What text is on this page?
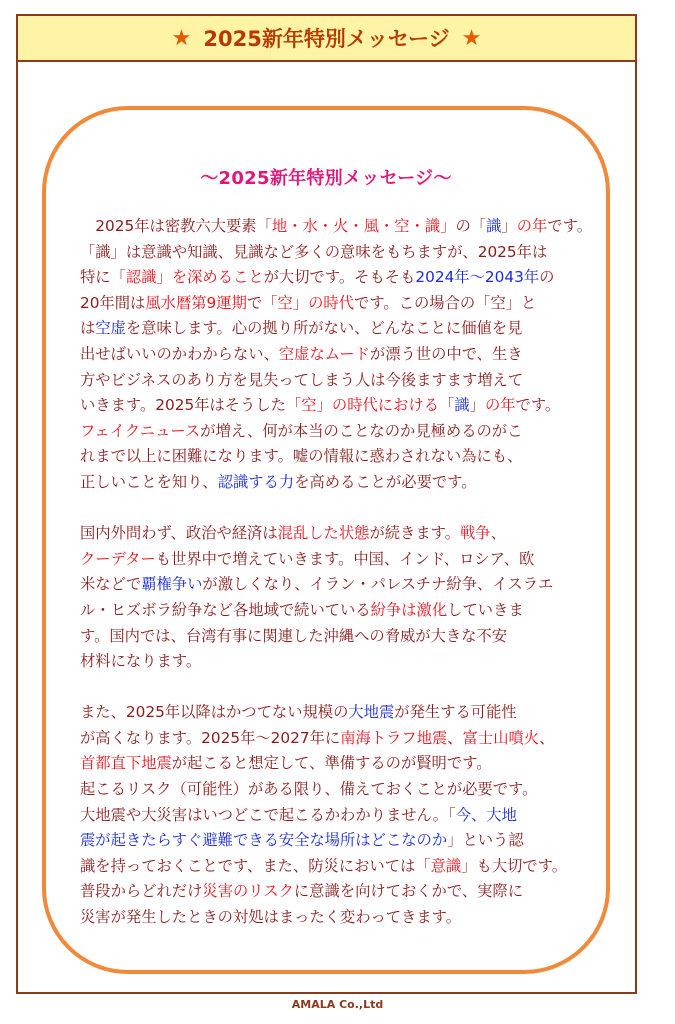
★ 2025新年特別メッセージ ★
～2025新年特別メッセージ～

　2025年は密教六大要素「地・水・火・風・空・識」の「識」の年です。
「識」は意識や知識、見識など多くの意味をもちますが、2025年は
特に「認識」を深めることが大切です。そもそも2024年～2043年の
20年間は風水暦第9運期で「空」の時代です。この場合の「空」と
は空虚を意味します。心の拠り所がない、どんなことに価値を見
出せばいいのかわからない、空虚なムードが漂う世の中で、生き
方やビジネスのあり方を見失ってしまう人は今後ますます増えて
いきます。2025年はそうした「空」の時代における「識」の年です。
フェイクニュースが増え、何が本当のことなのか見極めるのがこ
れまで以上に困難になります。嘘の情報に惑わされない為にも、
正しいことを知り、認識する力を高めることが必要です。

国内外問わず、政治や経済は混乱した状態が続きます。戦争、
クーデターも世界中で増えていきます。中国、インド、ロシア、欧
米などで覇権争いが激しくなり、イラン・パレスチナ紛争、イスラエ
ル・ヒズボラ紛争など各地域で続いている紛争は激化していきま
す。国内では、台湾有事に関連した沖縄への脅威が大きな不安
材料になります。

また、2025年以降はかつてない規模の大地震が発生する可能性
が高くなります。2025年～2027年に南海トラフ地震、富士山噴火、
首都直下地震が起こると想定して、準備するのが賢明です。
起こるリスク（可能性）がある限り、備えておくことが必要です。
大地震や大災害はいつどこで起こるかわかりません。「今、大地
震が起きたらすぐ避難できる安全な場所はどこなのか」という認
識を持っておくことです、また、防災においては「意識」も大切です。
普段からどれだけ災害のリスクに意識を向けておくかで、実際に
災害が発生したときの対処はまったく変わってきます。

AMALA Co.,Ltd
